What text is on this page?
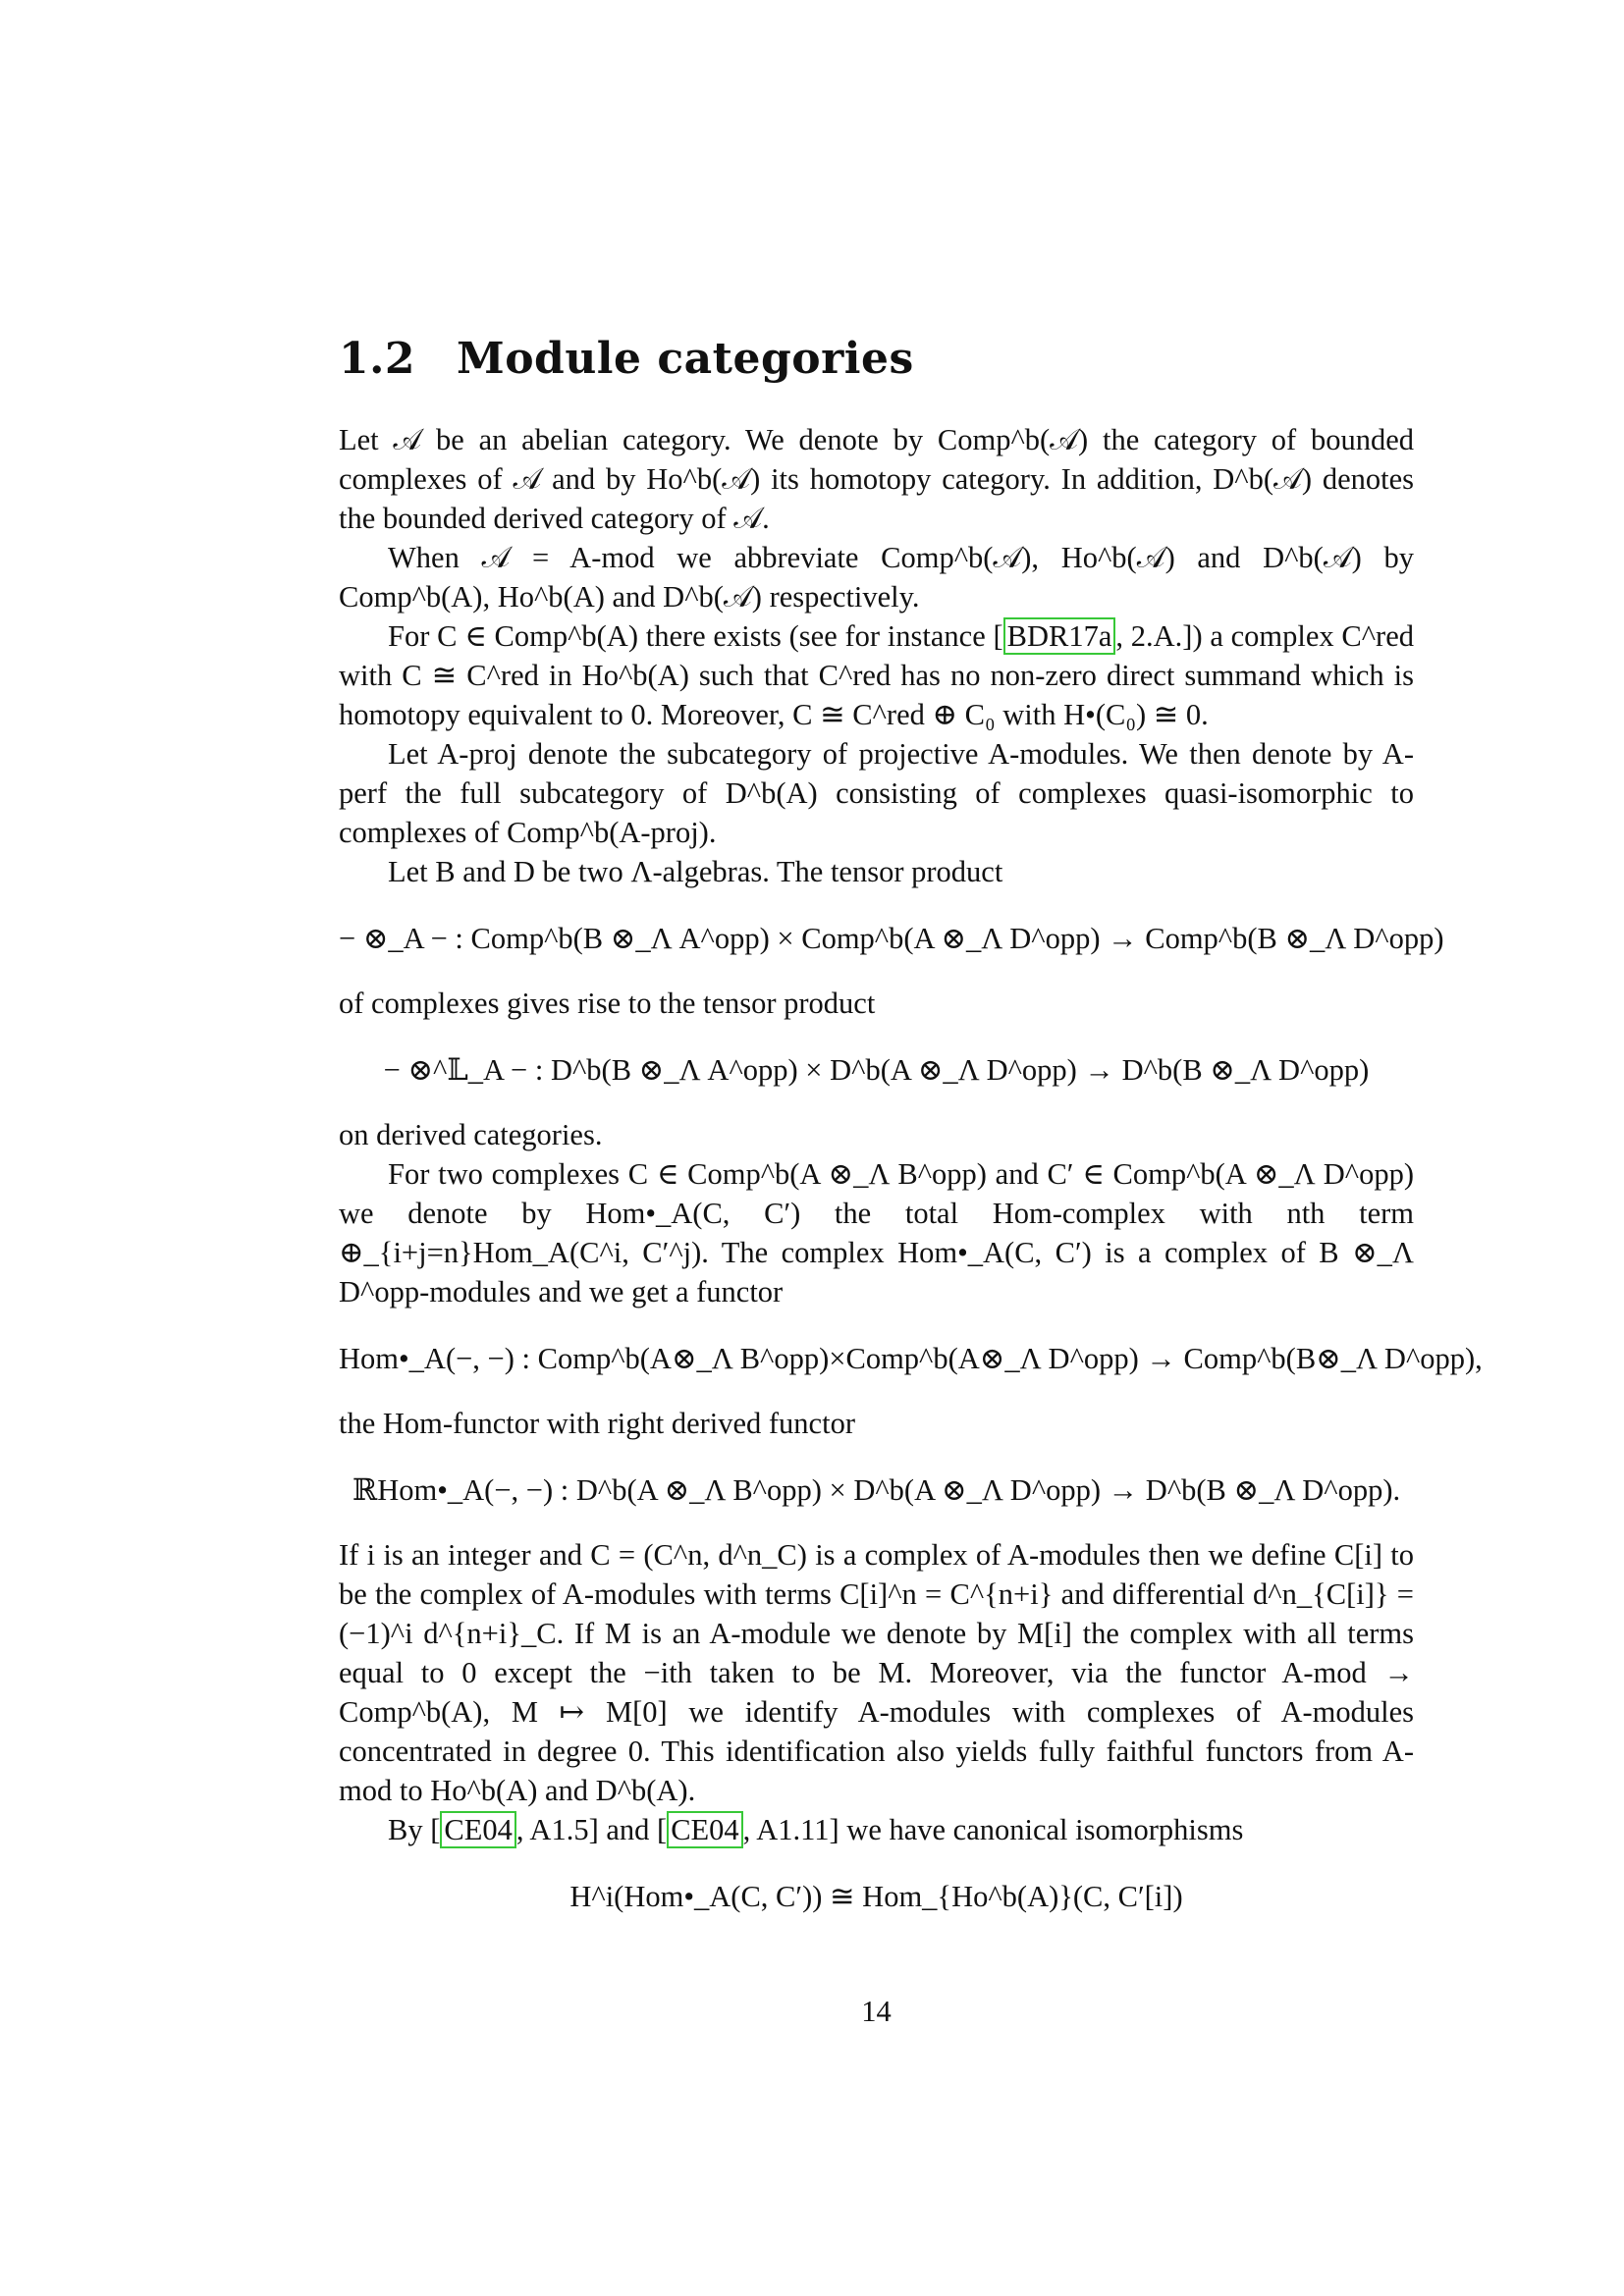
1.2 Module categories

Let 𝒜 be an abelian category. We denote by Comp^b(𝒜) the category of bounded complexes of 𝒜 and by Ho^b(𝒜) its homotopy category. In addition, D^b(𝒜) denotes the bounded derived category of 𝒜.

When 𝒜 = A-mod we abbreviate Comp^b(𝒜), Ho^b(𝒜) and D^b(𝒜) by Comp^b(A), Ho^b(A) and D^b(𝒜) respectively.

For C ∈ Comp^b(A) there exists (see for instance [ BDR17a , 2.A.]) a complex C^red with C ≅ C^red in Ho^b(A) such that C^red has no non-zero direct summand which is homotopy equivalent to 0. Moreover, C ≅ C^red ⊕ C₀ with H•(C₀) ≅ 0.

Let A-proj denote the subcategory of projective A-modules. We then denote by A-perf the full subcategory of D^b(A) consisting of complexes quasi-isomorphic to complexes of Comp^b(A-proj).

Let B and D be two Λ-algebras. The tensor product

− ⊗_A − : Comp^b(B ⊗_Λ A^opp) × Comp^b(A ⊗_Λ D^opp) → Comp^b(B ⊗_Λ D^opp)

of complexes gives rise to the tensor product

− ⊗^𝕃_A − : D^b(B ⊗_Λ A^opp) × D^b(A ⊗_Λ D^opp) → D^b(B ⊗_Λ D^opp)

on derived categories.

For two complexes C ∈ Comp^b(A ⊗_Λ B^opp) and C′ ∈ Comp^b(A ⊗_Λ D^opp) we denote by Hom•_A(C, C′) the total Hom-complex with nth term ⊕_{i+j=n}Hom_A(C^i, C′^j). The complex Hom•_A(C, C′) is a complex of B ⊗_Λ D^opp-modules and we get a functor

Hom•_A(−, −) : Comp^b(A⊗_Λ B^opp)×Comp^b(A⊗_Λ D^opp) → Comp^b(B⊗_Λ D^opp),

the Hom-functor with right derived functor

ℝHom•_A(−, −) : D^b(A ⊗_Λ B^opp) × D^b(A ⊗_Λ D^opp) → D^b(B ⊗_Λ D^opp).

If i is an integer and C = (C^n, d^n_C) is a complex of A-modules then we define C[i] to be the complex of A-modules with terms C[i]^n = C^{n+i} and differential d^n_{C[i]} = (−1)^i d^{n+i}_C. If M is an A-module we denote by M[i] the complex with all terms equal to 0 except the −ith taken to be M. Moreover, via the functor A-mod → Comp^b(A), M ↦ M[0] we identify A-modules with complexes of A-modules concentrated in degree 0. This identification also yields fully faithful functors from A-mod to Ho^b(A) and D^b(A).

By [ CE04 , A1.5] and [ CE04 , A1.11] we have canonical isomorphisms

H^i(Hom•_A(C, C′)) ≅ Hom_{Ho^b(A)}(C, C′[i])
14
